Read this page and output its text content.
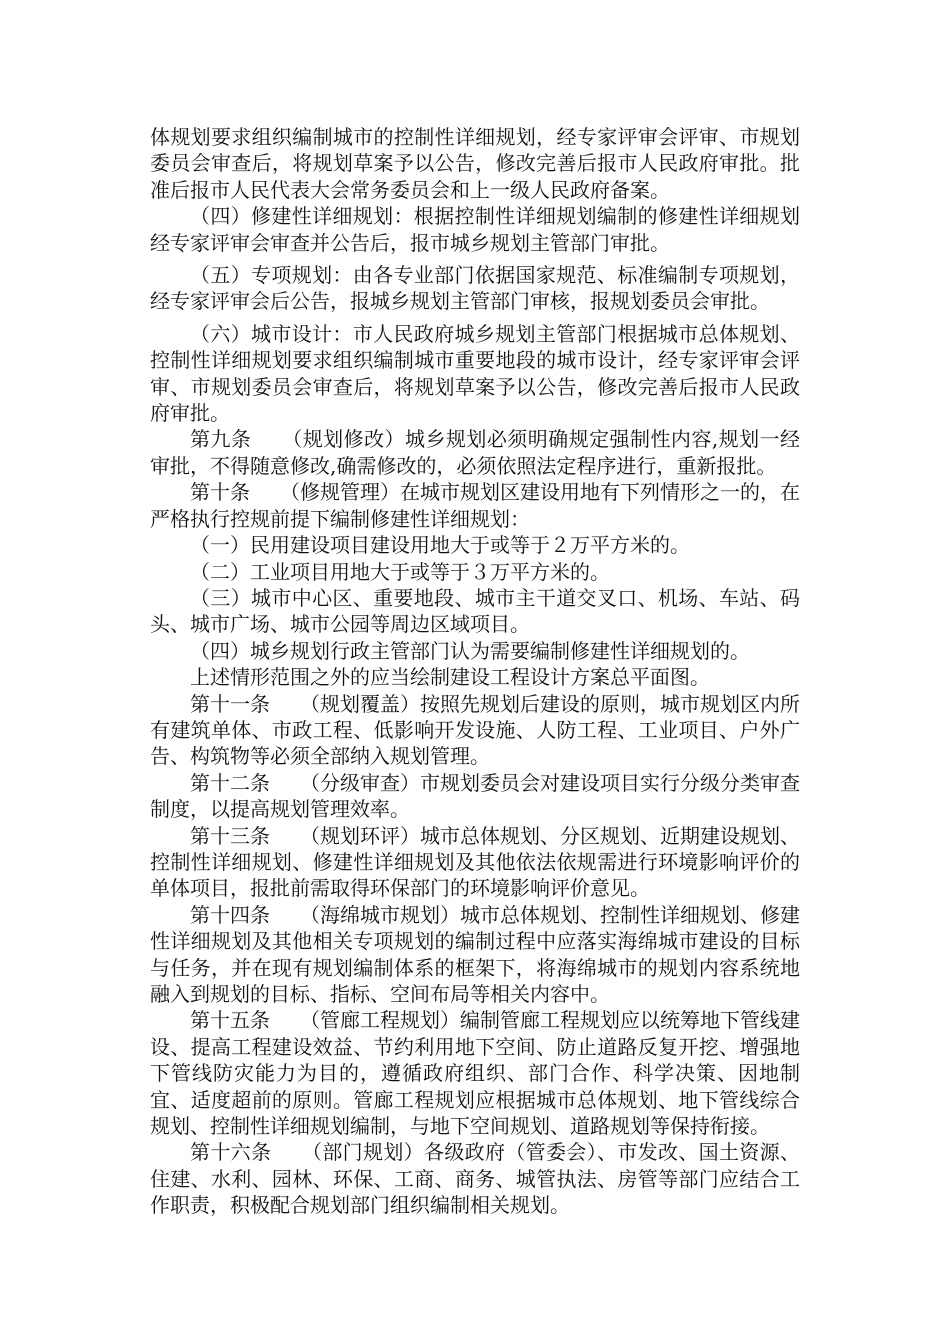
体规划要求组织编制城市的控制性详细规划，经专家评审会评审、市规划委员会审查后，将规划草案予以公告，修改完善后报市人民政府审批。批准后报市人民代表大会常务委员会和上一级人民政府备案。

（四）修建性详细规划：根据控制性详细规划编制的修建性详细规划经专家评审会审查并公告后，报市城乡规划主管部门审批。

（五）专项规划：由各专业部门依据国家规范、标准编制专项规划，经专家评审会后公告，报城乡规划主管部门审核，报规划委员会审批。

（六）城市设计：市人民政府城乡规划主管部门根据城市总体规划、控制性详细规划要求组织编制城市重要地段的城市设计，经专家评审会评审、市规划委员会审查后，将规划草案予以公告，修改完善后报市人民政府审批。

第九条　　（规划修改）城乡规划必须明确规定强制性内容,规划一经审批，不得随意修改,确需修改的，必须依照法定程序进行，重新报批。

第十条　　（修规管理）在城市规划区建设用地有下列情形之一的，在严格执行控规前提下编制修建性详细规划：

（一）民用建设项目建设用地大于或等于２万平方米的。

（二）工业项目用地大于或等于３万平方米的。

（三）城市中心区、重要地段、城市主干道交叉口、机场、车站、码头、城市广场、城市公园等周边区域项目。

（四）城乡规划行政主管部门认为需要编制修建性详细规划的。

上述情形范围之外的应当绘制建设工程设计方案总平面图。

第十一条　　（规划覆盖）按照先规划后建设的原则，城市规划区内所有建筑单体、市政工程、低影响开发设施、人防工程、工业项目、户外广告、构筑物等必须全部纳入规划管理。

第十二条　　（分级审查）市规划委员会对建设项目实行分级分类审查制度，以提高规划管理效率。

第十三条　　（规划环评）城市总体规划、分区规划、近期建设规划、控制性详细规划、修建性详细规划及其他依法依规需进行环境影响评价的单体项目，报批前需取得环保部门的环境影响评价意见。

第十四条　　（海绵城市规划）城市总体规划、控制性详细规划、修建性详细规划及其他相关专项规划的编制过程中应落实海绵城市建设的目标与任务，并在现有规划编制体系的框架下，将海绵城市的规划内容系统地融入到规划的目标、指标、空间布局等相关内容中。

第十五条　　（管廊工程规划）编制管廊工程规划应以统筹地下管线建设、提高工程建设效益、节约利用地下空间、防止道路反复开挖、增强地下管线防灾能力为目的，遵循政府组织、部门合作、科学决策、因地制宜、适度超前的原则。管廊工程规划应根据城市总体规划、地下管线综合规划、控制性详细规划编制，与地下空间规划、道路规划等保持衔接。

第十六条　　（部门规划）各级政府（管委会）、市发改、国土资源、住建、水利、园林、环保、工商、商务、城管执法、房管等部门应结合工作职责，积极配合规划部门组织编制相关规划。
